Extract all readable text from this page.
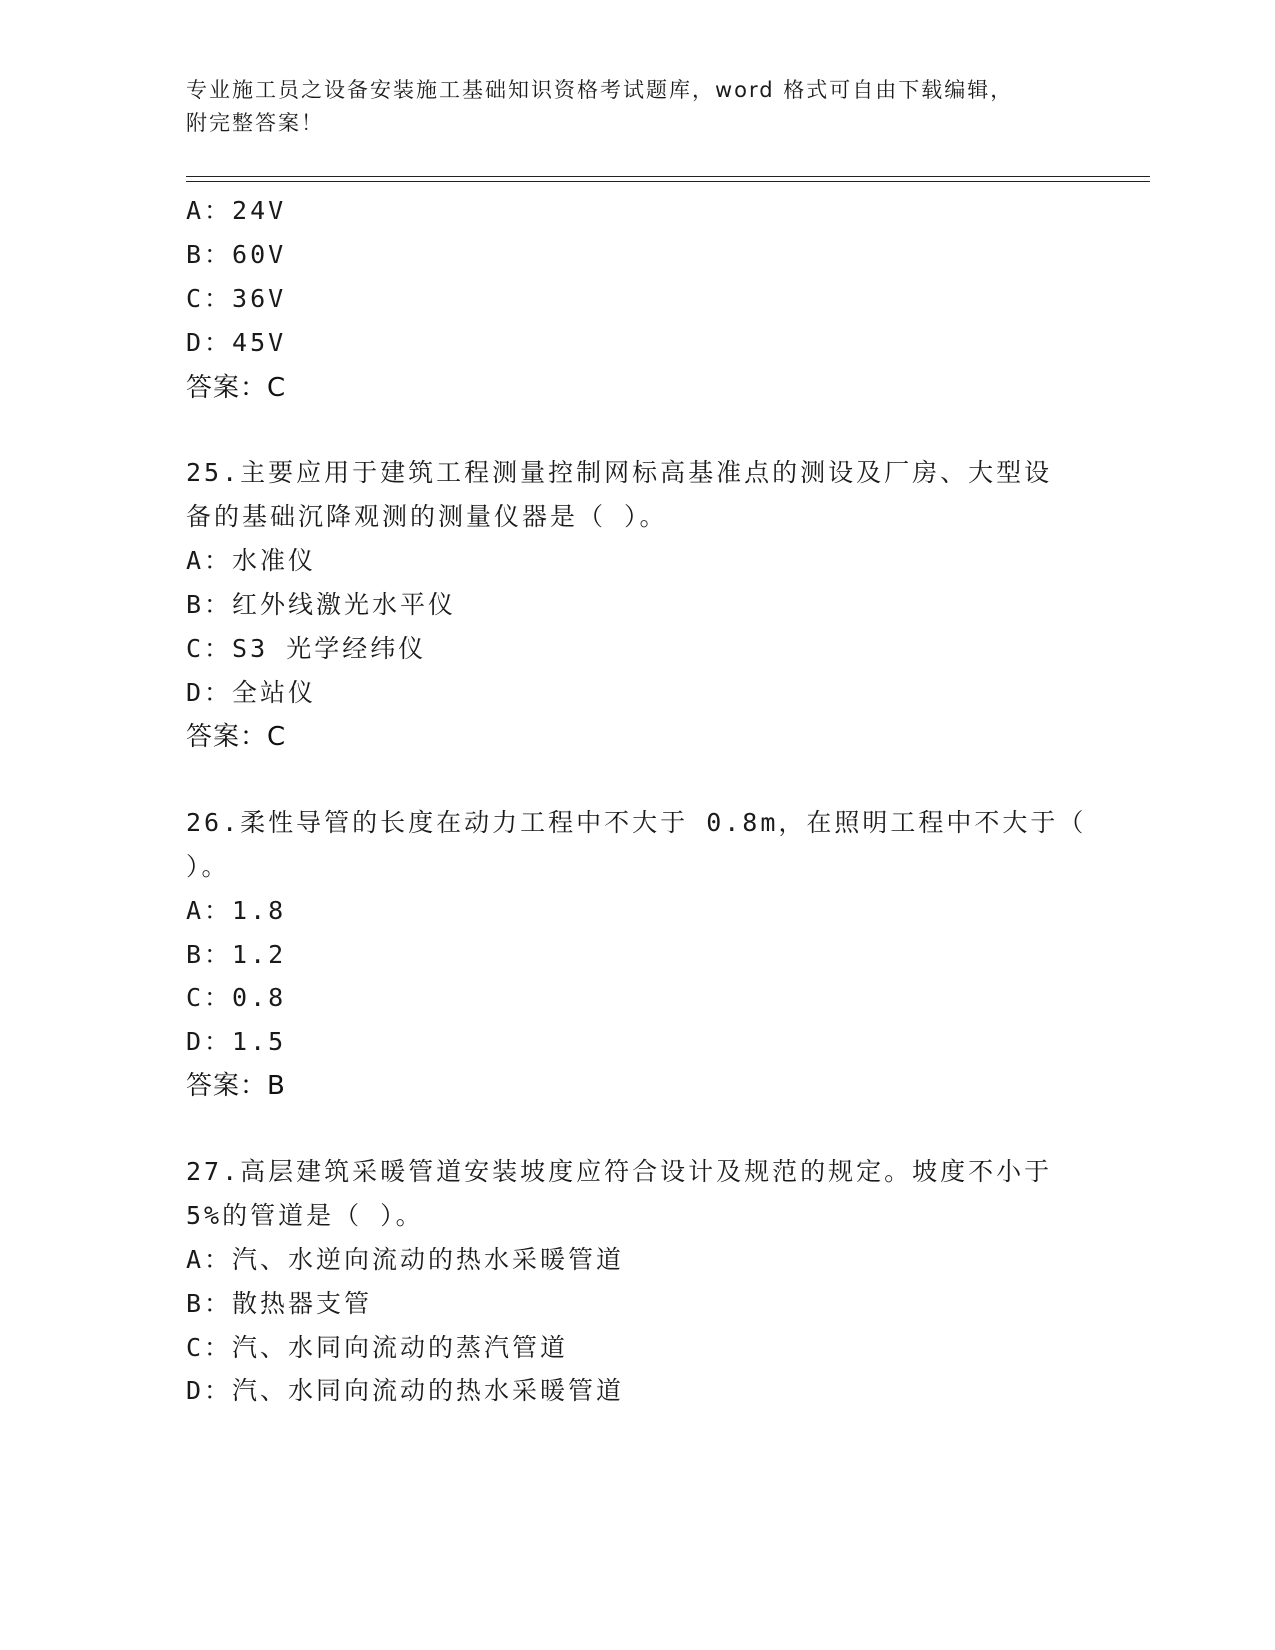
专业施工员之设备安装施工基础知识资格考试题库，word 格式可自由下载编辑，
附完整答案！
A：24V
B：60V
C：36V
D：45V
答案：C
25.主要应用于建筑工程测量控制网标高基准点的测设及厂房、大型设
备的基础沉降观测的测量仪器是（ ）。
A：水准仪
B：红外线激光水平仪
C：S3 光学经纬仪
D：全站仪
答案：C
26.柔性导管的长度在动力工程中不大于 0.8m，在照明工程中不大于（
）。
A：1.8
B：1.2
C：0.8
D：1.5
答案：B
27.高层建筑采暖管道安装坡度应符合设计及规范的规定。坡度不小于
5%的管道是（ ）。
A：汽、水逆向流动的热水采暖管道
B：散热器支管
C：汽、水同向流动的蒸汽管道
D：汽、水同向流动的热水采暖管道
